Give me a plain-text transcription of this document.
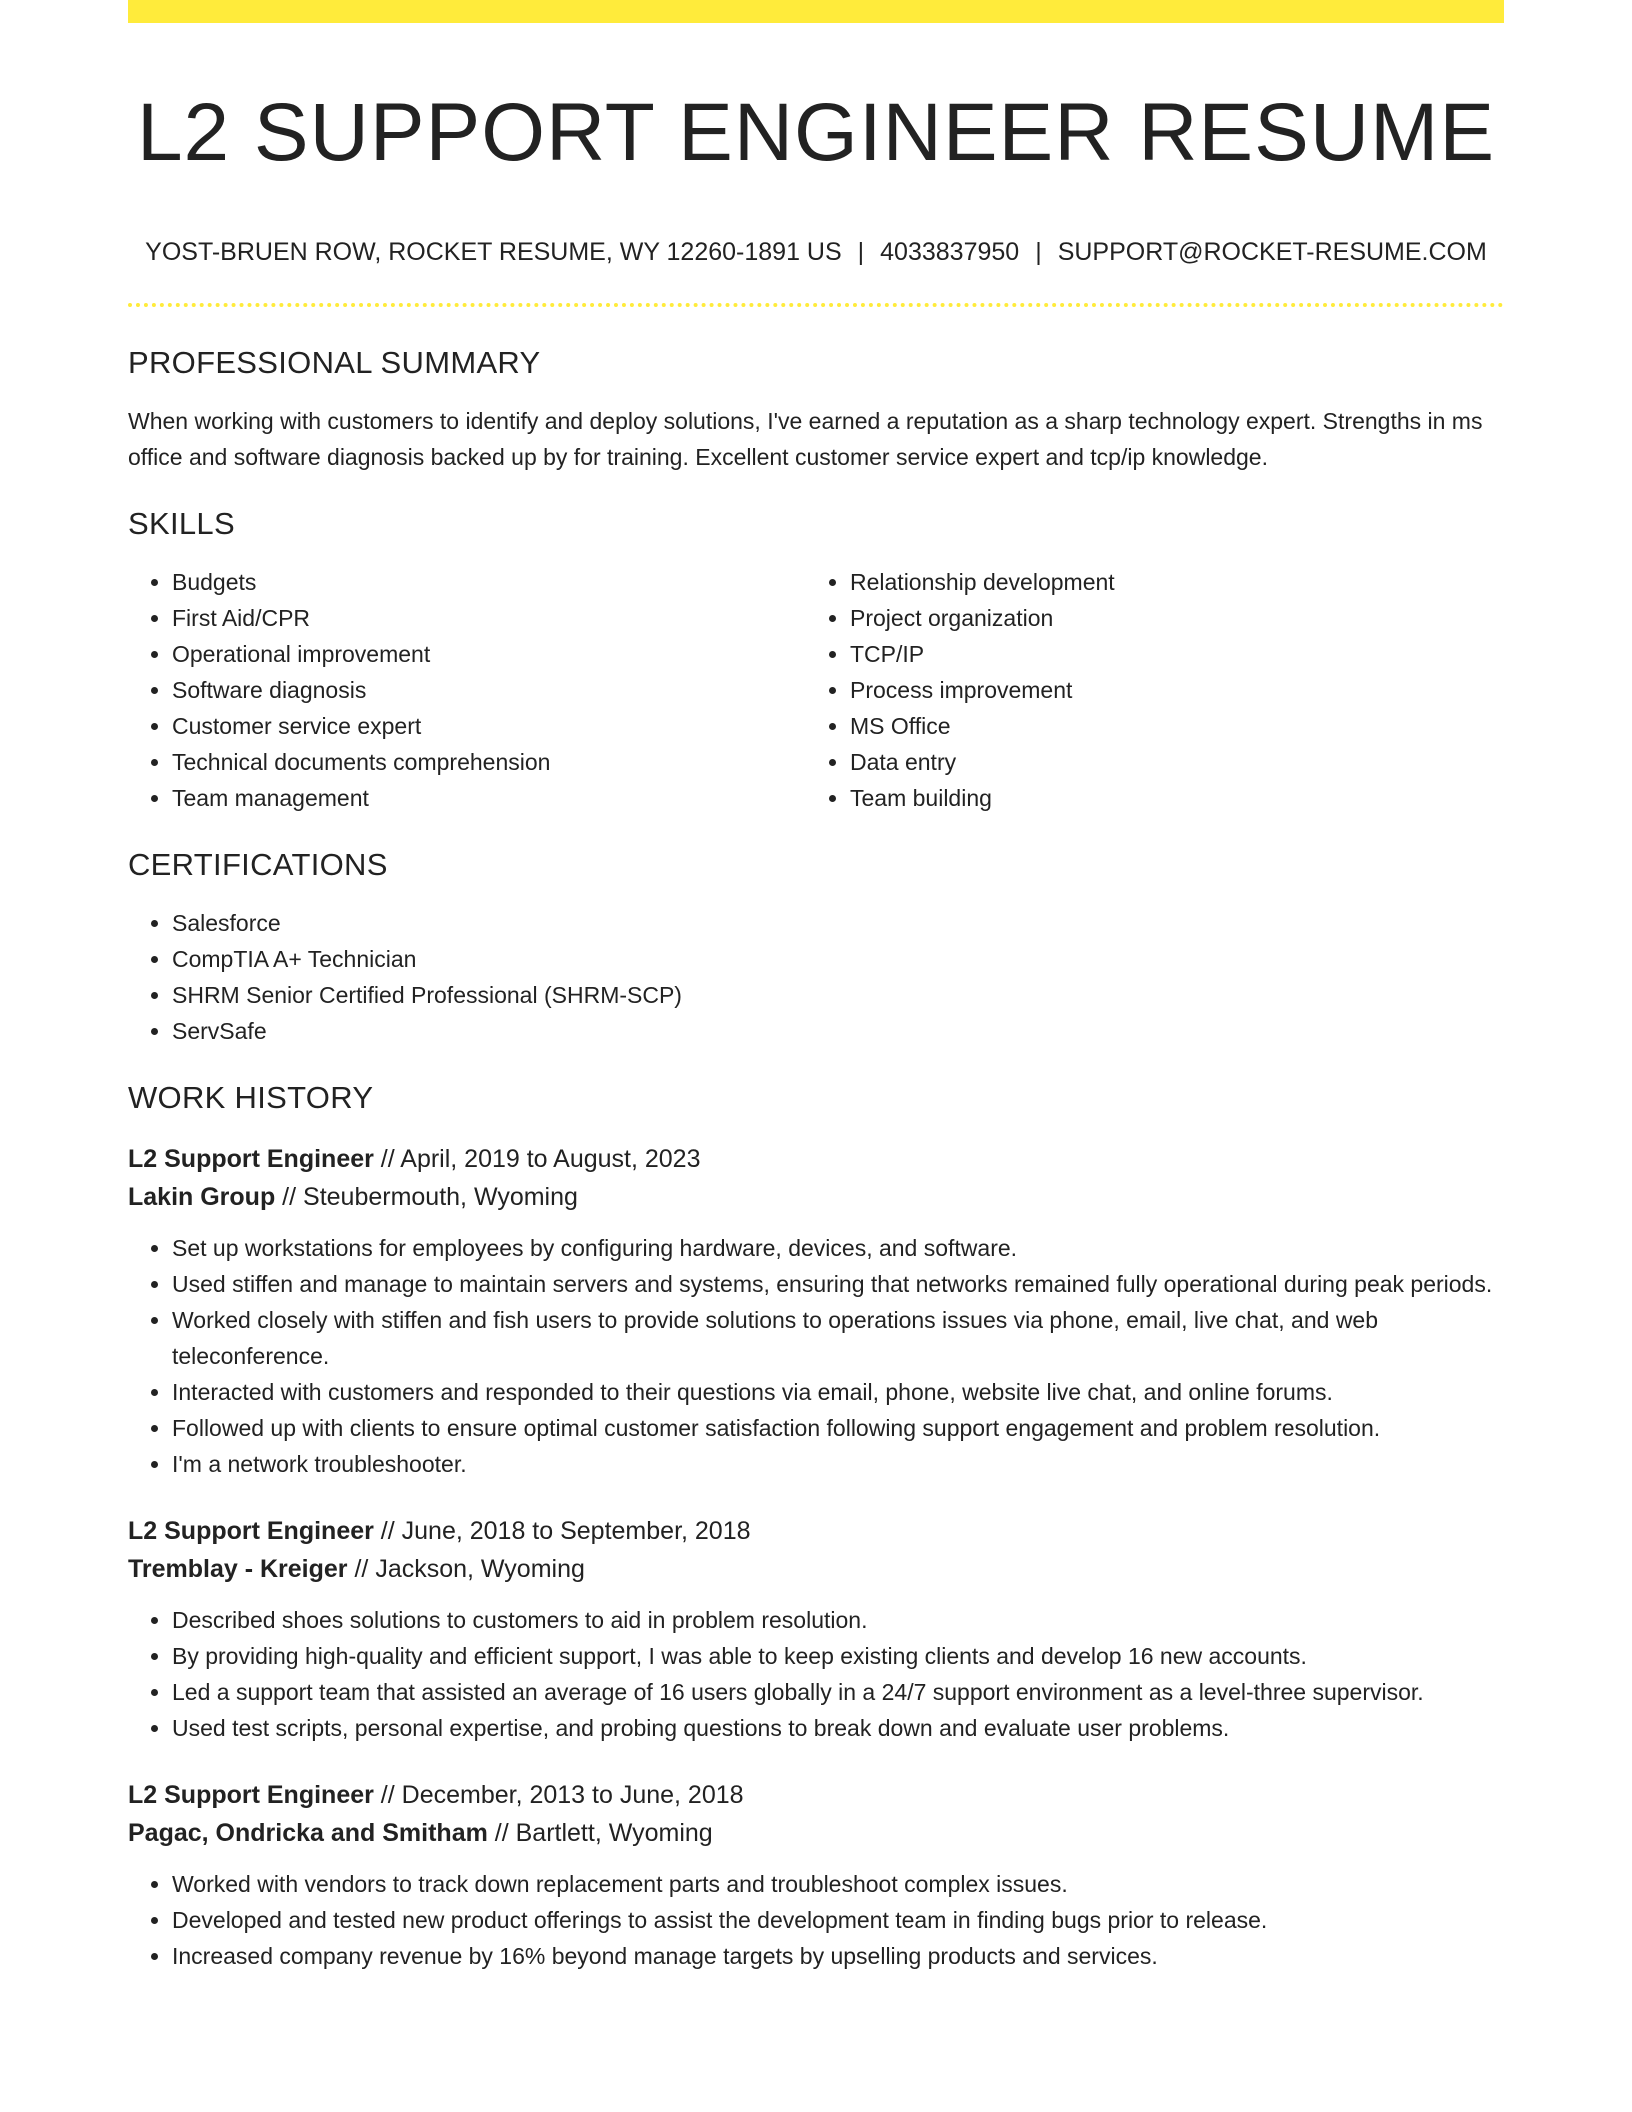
L2 SUPPORT ENGINEER RESUME
YOST-BRUEN ROW, ROCKET RESUME, WY 12260-1891 US | 4033837950 | SUPPORT@ROCKET-RESUME.COM
PROFESSIONAL SUMMARY

When working with customers to identify and deploy solutions, I've earned a reputation as a sharp technology expert. Strengths in ms office and software diagnosis backed up by for training. Excellent customer service expert and tcp/ip knowledge.

SKILLS
• Budgets
• First Aid/CPR
• Operational improvement
• Software diagnosis
• Customer service expert
• Technical documents comprehension
• Team management
• Relationship development
• Project organization
• TCP/IP
• Process improvement
• MS Office
• Data entry
• Team building
CERTIFICATIONS
• Salesforce
• CompTIA A+ Technician
• SHRM Senior Certified Professional (SHRM-SCP)
• ServSafe
WORK HISTORY
L2 Support Engineer // April, 2019 to August, 2023
Lakin Group // Steubermouth, Wyoming
• Set up workstations for employees by configuring hardware, devices, and software.
• Used stiffen and manage to maintain servers and systems, ensuring that networks remained fully operational during peak periods.
• Worked closely with stiffen and fish users to provide solutions to operations issues via phone, email, live chat, and web teleconference.
• Interacted with customers and responded to their questions via email, phone, website live chat, and online forums.
• Followed up with clients to ensure optimal customer satisfaction following support engagement and problem resolution.
• I'm a network troubleshooter.
L2 Support Engineer // June, 2018 to September, 2018
Tremblay - Kreiger // Jackson, Wyoming
• Described shoes solutions to customers to aid in problem resolution.
• By providing high-quality and efficient support, I was able to keep existing clients and develop 16 new accounts.
• Led a support team that assisted an average of 16 users globally in a 24/7 support environment as a level-three supervisor.
• Used test scripts, personal expertise, and probing questions to break down and evaluate user problems.
L2 Support Engineer // December, 2013 to June, 2018
Pagac, Ondricka and Smitham // Bartlett, Wyoming
• Worked with vendors to track down replacement parts and troubleshoot complex issues.
• Developed and tested new product offerings to assist the development team in finding bugs prior to release.
• Increased company revenue by 16% beyond manage targets by upselling products and services.
